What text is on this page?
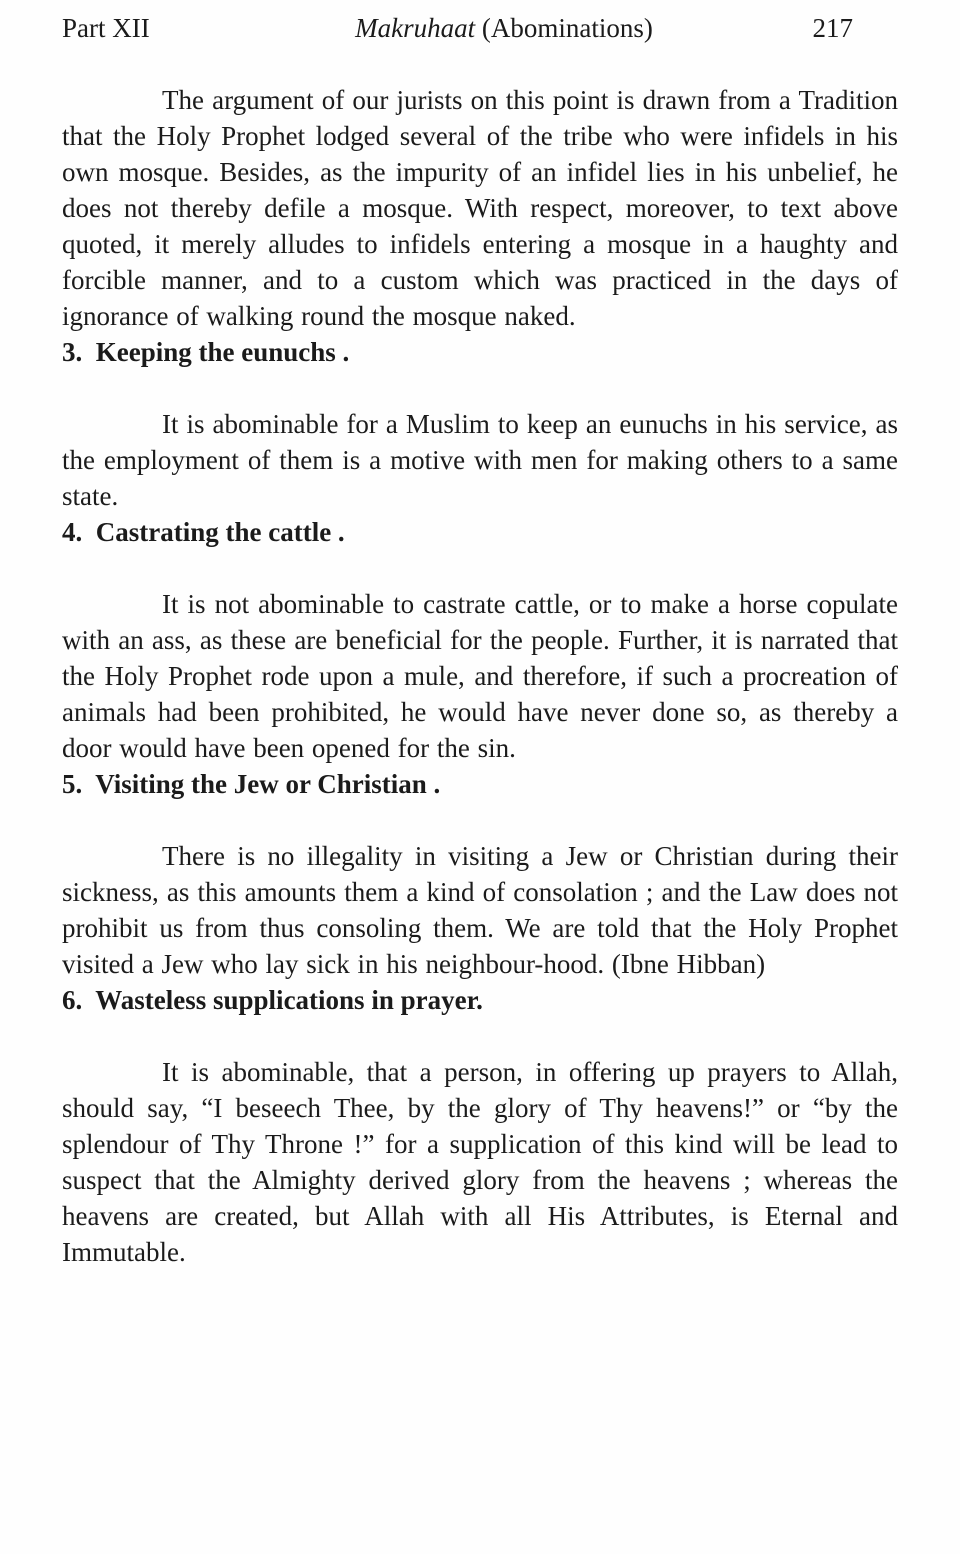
Part XII	Makruhaat (Abominations)	217

The argument of our jurists on this point is drawn from a Tradition that the Holy Prophet lodged several of the tribe who were infidels in his own mosque. Besides, as the impurity of an infidel lies in his unbelief, he does not thereby defile a mosque. With respect, moreover, to text above quoted, it merely alludes to infidels entering a mosque in a haughty and forcible manner, and to a custom which was practiced in the days of ignorance of walking round the mosque naked.

3.  Keeping the eunuchs .

It is abominable for a Muslim to keep an eunuchs in his service, as the employment of them is a motive with men for making others to a same state.

4.  Castrating the cattle .

It is not abominable to castrate cattle, or to make a horse copulate with an ass, as these are beneficial for the people. Further, it is narrated that the Holy Prophet rode upon a mule, and therefore, if such a procreation of animals had been prohibited, he would have never done so, as thereby a door would have been opened for the sin.

5.  Visiting the Jew or Christian .

There is no illegality in visiting a Jew or Christian during their sickness, as this amounts them a kind of consolation ; and the Law does not prohibit us from thus consoling them. We are told that the Holy Prophet visited a Jew who lay sick in his neighbour-hood. (Ibne Hibban)

6.  Wasteless supplications in prayer.

It is abominable, that a person, in offering up prayers to Allah, should say, “I beseech Thee, by the glory of Thy heavens!” or “by the splendour of Thy Throne !” for a supplication of this kind will be lead to suspect that the Almighty derived glory from the heavens ; whereas the heavens are created, but Allah with all His Attributes, is Eternal and Immutable.
